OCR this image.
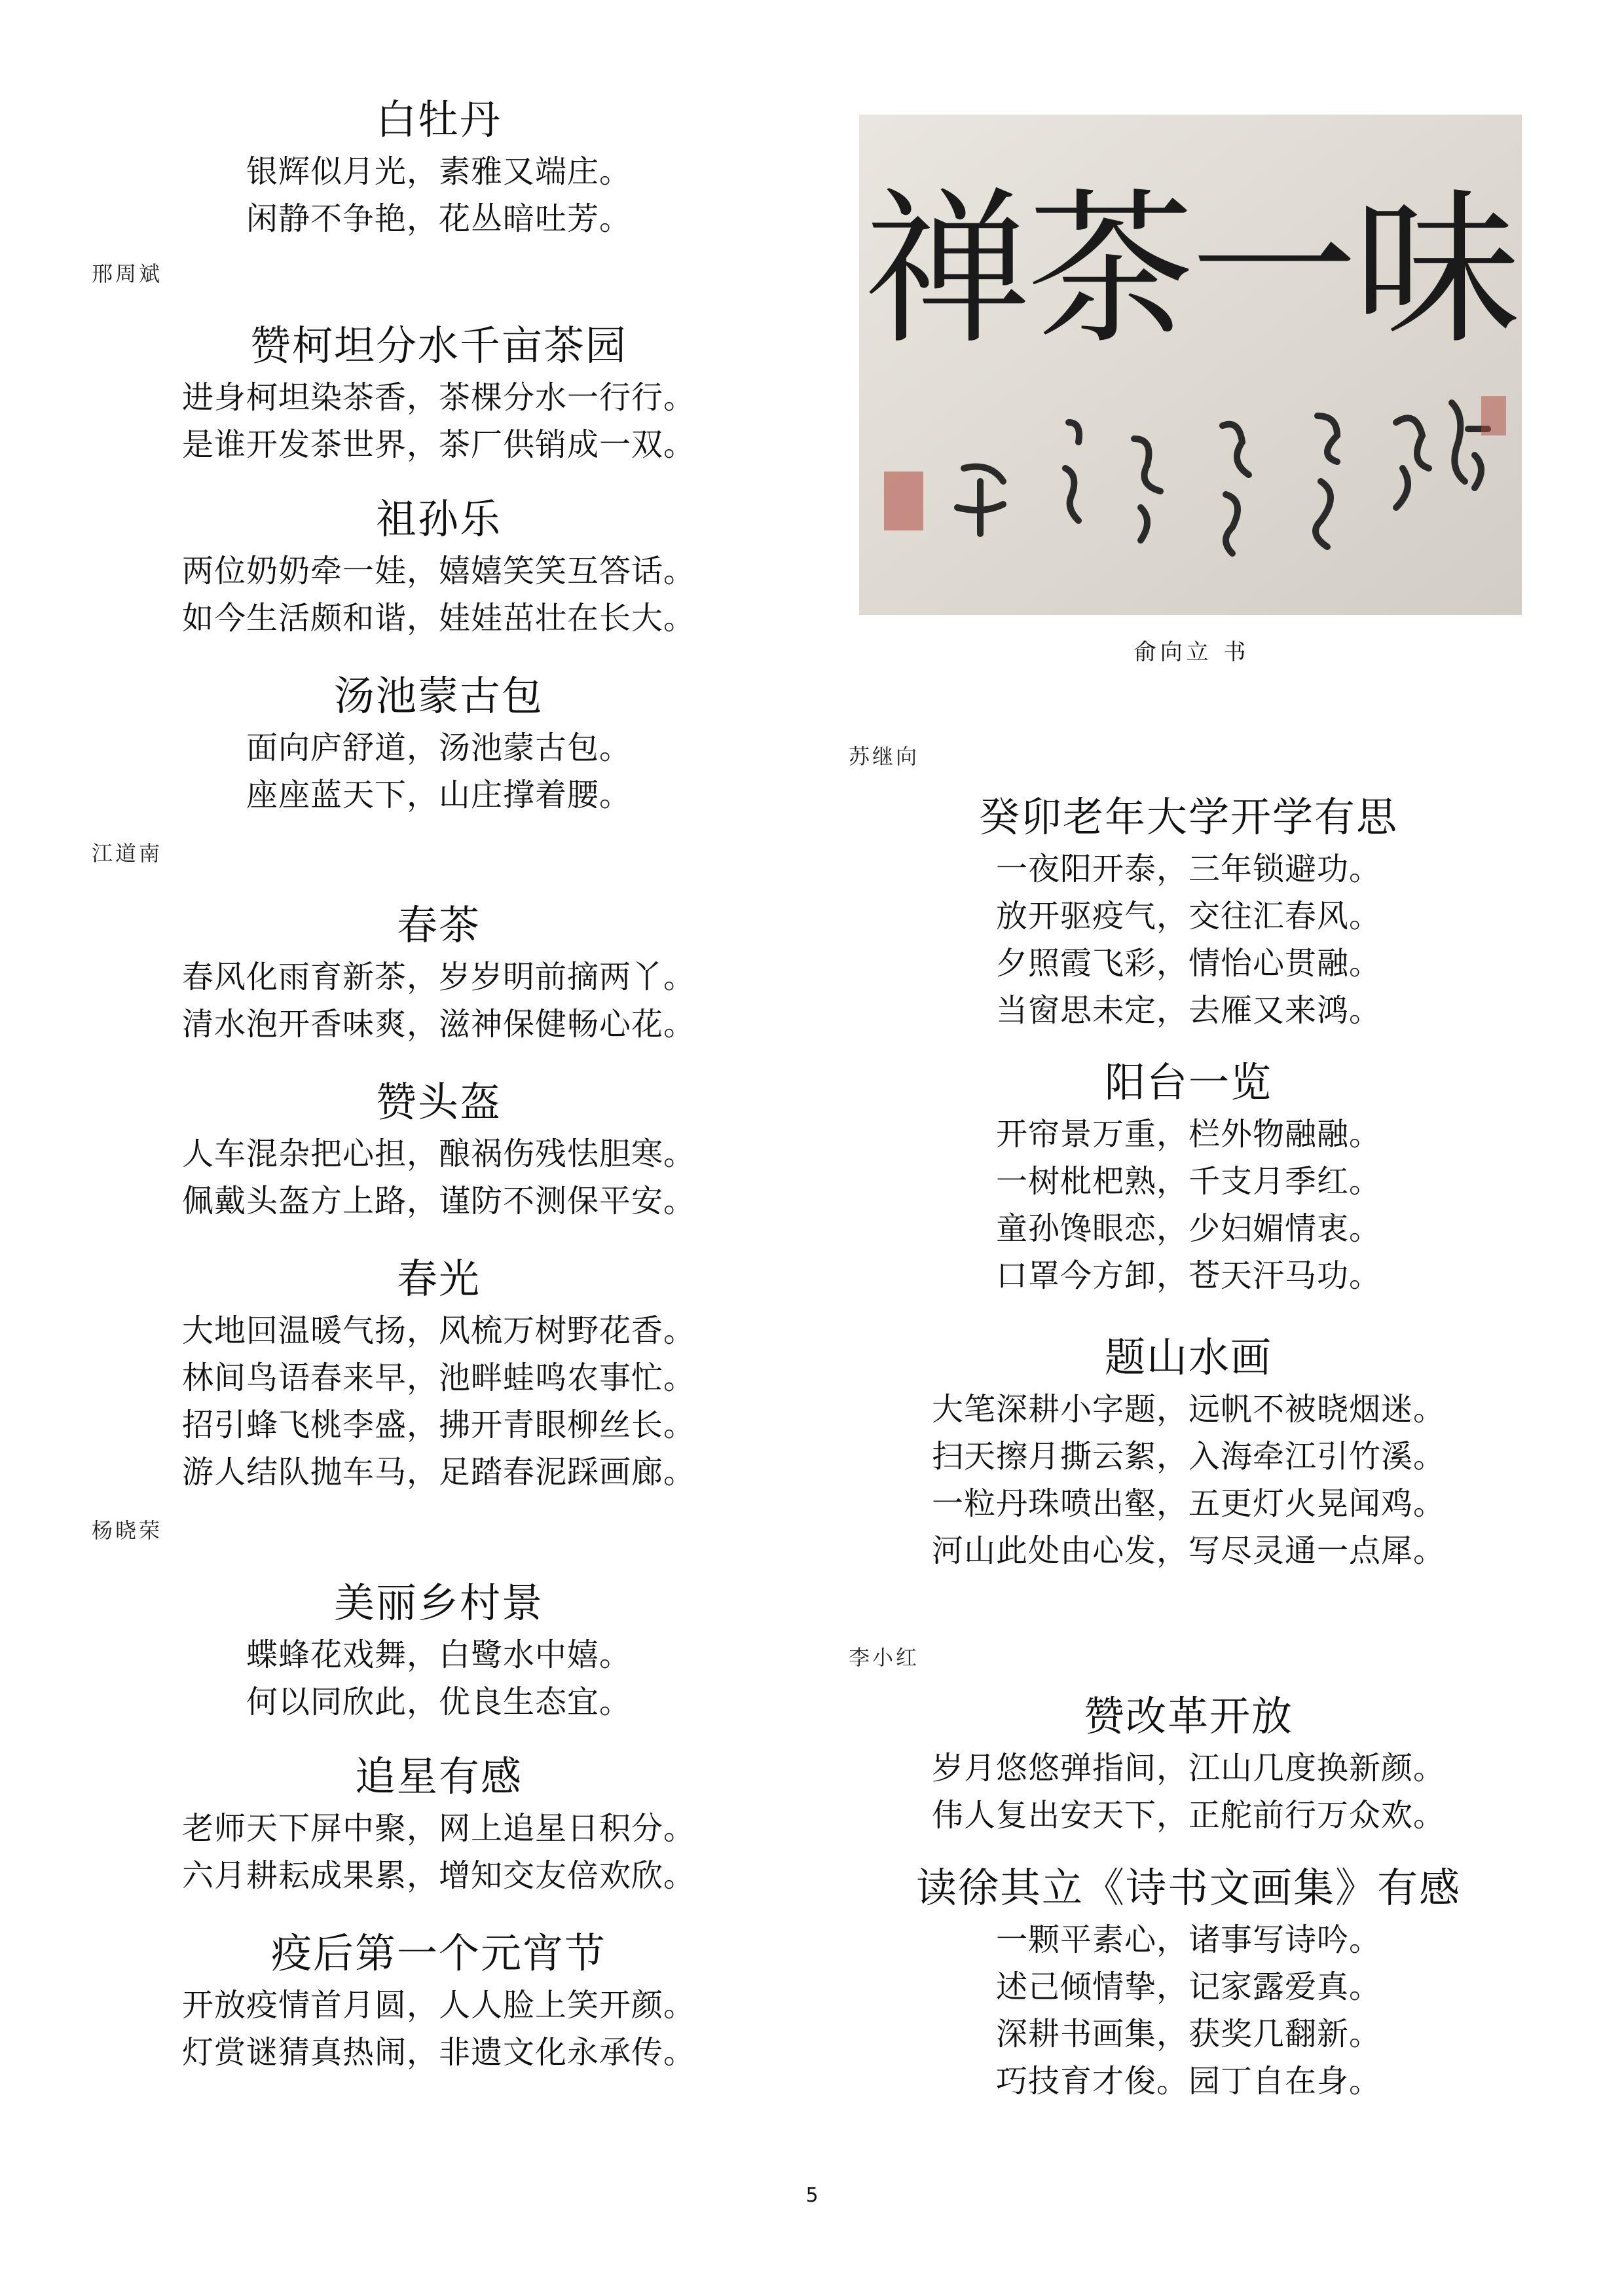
白牡丹

银辉似月光，素雅又端庄。

闲静不争艳，花丛暗吐芳。

邢周斌
赞柯坦分水千亩茶园

进身柯坦染茶香，茶棵分水一行行。

是谁开发茶世界，茶厂供销成一双。

祖孙乐

两位奶奶牵一娃，嬉嬉笑笑互答话。

如今生活颇和谐，娃娃茁壮在长大。

汤池蒙古包

面向庐舒道，汤池蒙古包。

座座蓝天下，山庄撑着腰。

江道南
春茶

春风化雨育新茶，岁岁明前摘两丫。

清水泡开香味爽，滋神保健畅心花。

赞头盔

人车混杂把心担，酿祸伤残怯胆寒。

佩戴头盔方上路，谨防不测保平安。

春光

大地回温暖气扬，风梳万树野花香。

林间鸟语春来早，池畔蛙鸣农事忙。

招引蜂飞桃李盛，拂开青眼柳丝长。

游人结队抛车马，足踏春泥踩画廊。

杨晓荣
美丽乡村景

蝶蜂花戏舞，白鹭水中嬉。

何以同欣此，优良生态宜。

追星有感

老师天下屏中聚，网上追星日积分。

六月耕耘成果累，增知交友倍欢欣。

疫后第一个元宵节

开放疫情首月圆，人人脸上笑开颜。

灯赏谜猜真热闹，非遗文化永承传。

禅茶一味
俞向立 书
苏继向
癸卯老年大学开学有思

一夜阳开泰，三年锁避功。

放开驱疫气，交往汇春风。

夕照霞飞彩，情怡心贯融。

当窗思未定，去雁又来鸿。

阳台一览

开帘景万重，栏外物融融。

一树枇杷熟，千支月季红。

童孙馋眼恋，少妇媚情衷。

口罩今方卸，苍天汗马功。

题山水画

大笔深耕小字题，远帆不被晓烟迷。

扫天擦月撕云絮，入海牵江引竹溪。

一粒丹珠喷出壑，五更灯火晃闻鸡。

河山此处由心发，写尽灵通一点犀。

李小红
赞改革开放

岁月悠悠弹指间，江山几度换新颜。

伟人复出安天下，正舵前行万众欢。

读徐其立《诗书文画集》有感

一颗平素心，诸事写诗吟。

述己倾情挚，记家露爱真。

深耕书画集，获奖几翻新。

巧技育才俊。园丁自在身。

5
